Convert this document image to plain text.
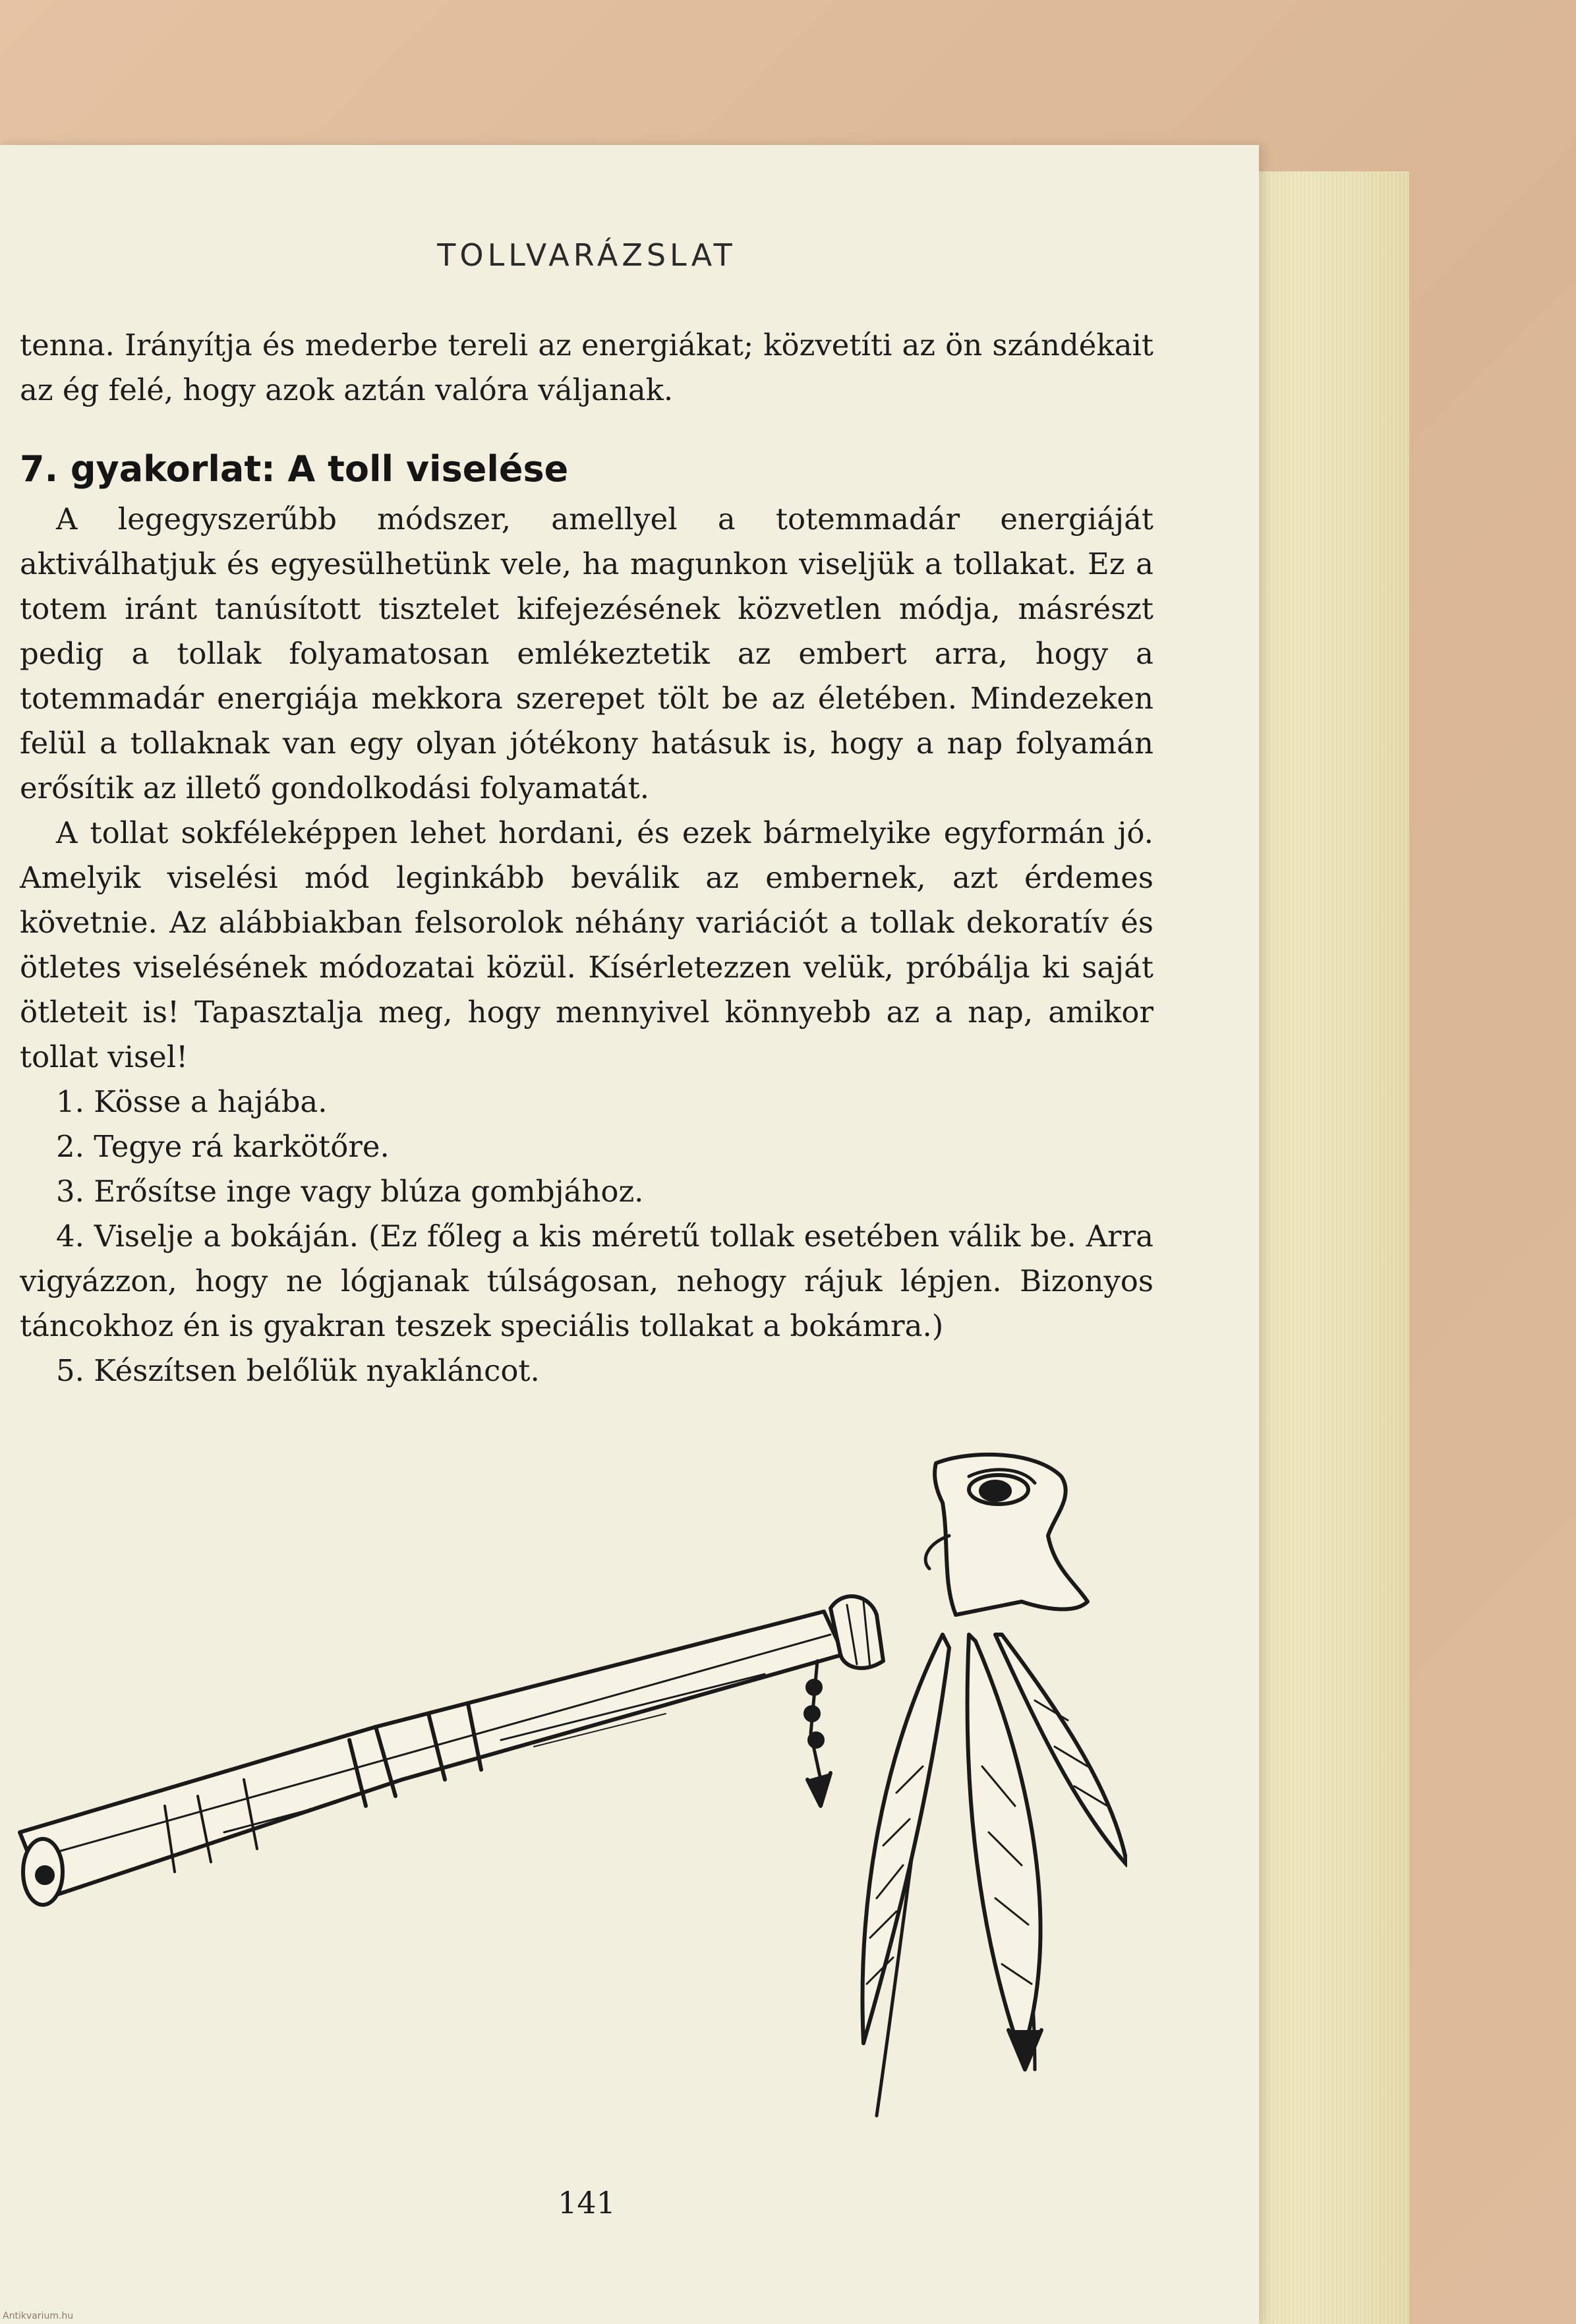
TOLLVARÁZSLAT

tenna. Irányítja és mederbe tereli az energiákat; közvetíti az ön szándékait az ég felé, hogy azok aztán valóra váljanak.

7. gyakorlat: A toll viselése

A legegyszerűbb módszer, amellyel a totemmadár energiáját aktiválhatjuk és egyesülhetünk vele, ha magunkon viseljük a tollakat. Ez a totem iránt tanúsított tisztelet kifejezésének közvetlen módja, másrészt pedig a tollak folyamatosan emlékeztetik az embert arra, hogy a totemmadár energiája mekkora szerepet tölt be az életében. Mindezeken felül a tollaknak van egy olyan jótékony hatásuk is, hogy a nap folyamán erősítik az illető gondolkodási folyamatát.

A tollat sokféleképpen lehet hordani, és ezek bármelyike egyformán jó. Amelyik viselési mód leginkább beválik az embernek, azt érdemes követnie. Az alábbiakban felsorolok néhány variációt a tollak dekoratív és ötletes viselésének módozatai közül. Kísérletezzen velük, próbálja ki saját ötleteit is! Tapasztalja meg, hogy mennyivel könnyebb az a nap, amikor tollat visel!

1. Kösse a hajába.

2. Tegye rá karkötőre.

3. Erősítse inge vagy blúza gombjához.

4. Viselje a bokáján. (Ez főleg a kis méretű tollak esetében válik be. Arra vigyázzon, hogy ne lógjanak túlságosan, nehogy rájuk lépjen. Bizonyos táncokhoz én is gyakran teszek speciális tollakat a bokámra.)

5. Készítsen belőlük nyakláncot.

141
Antikvarium.hu
